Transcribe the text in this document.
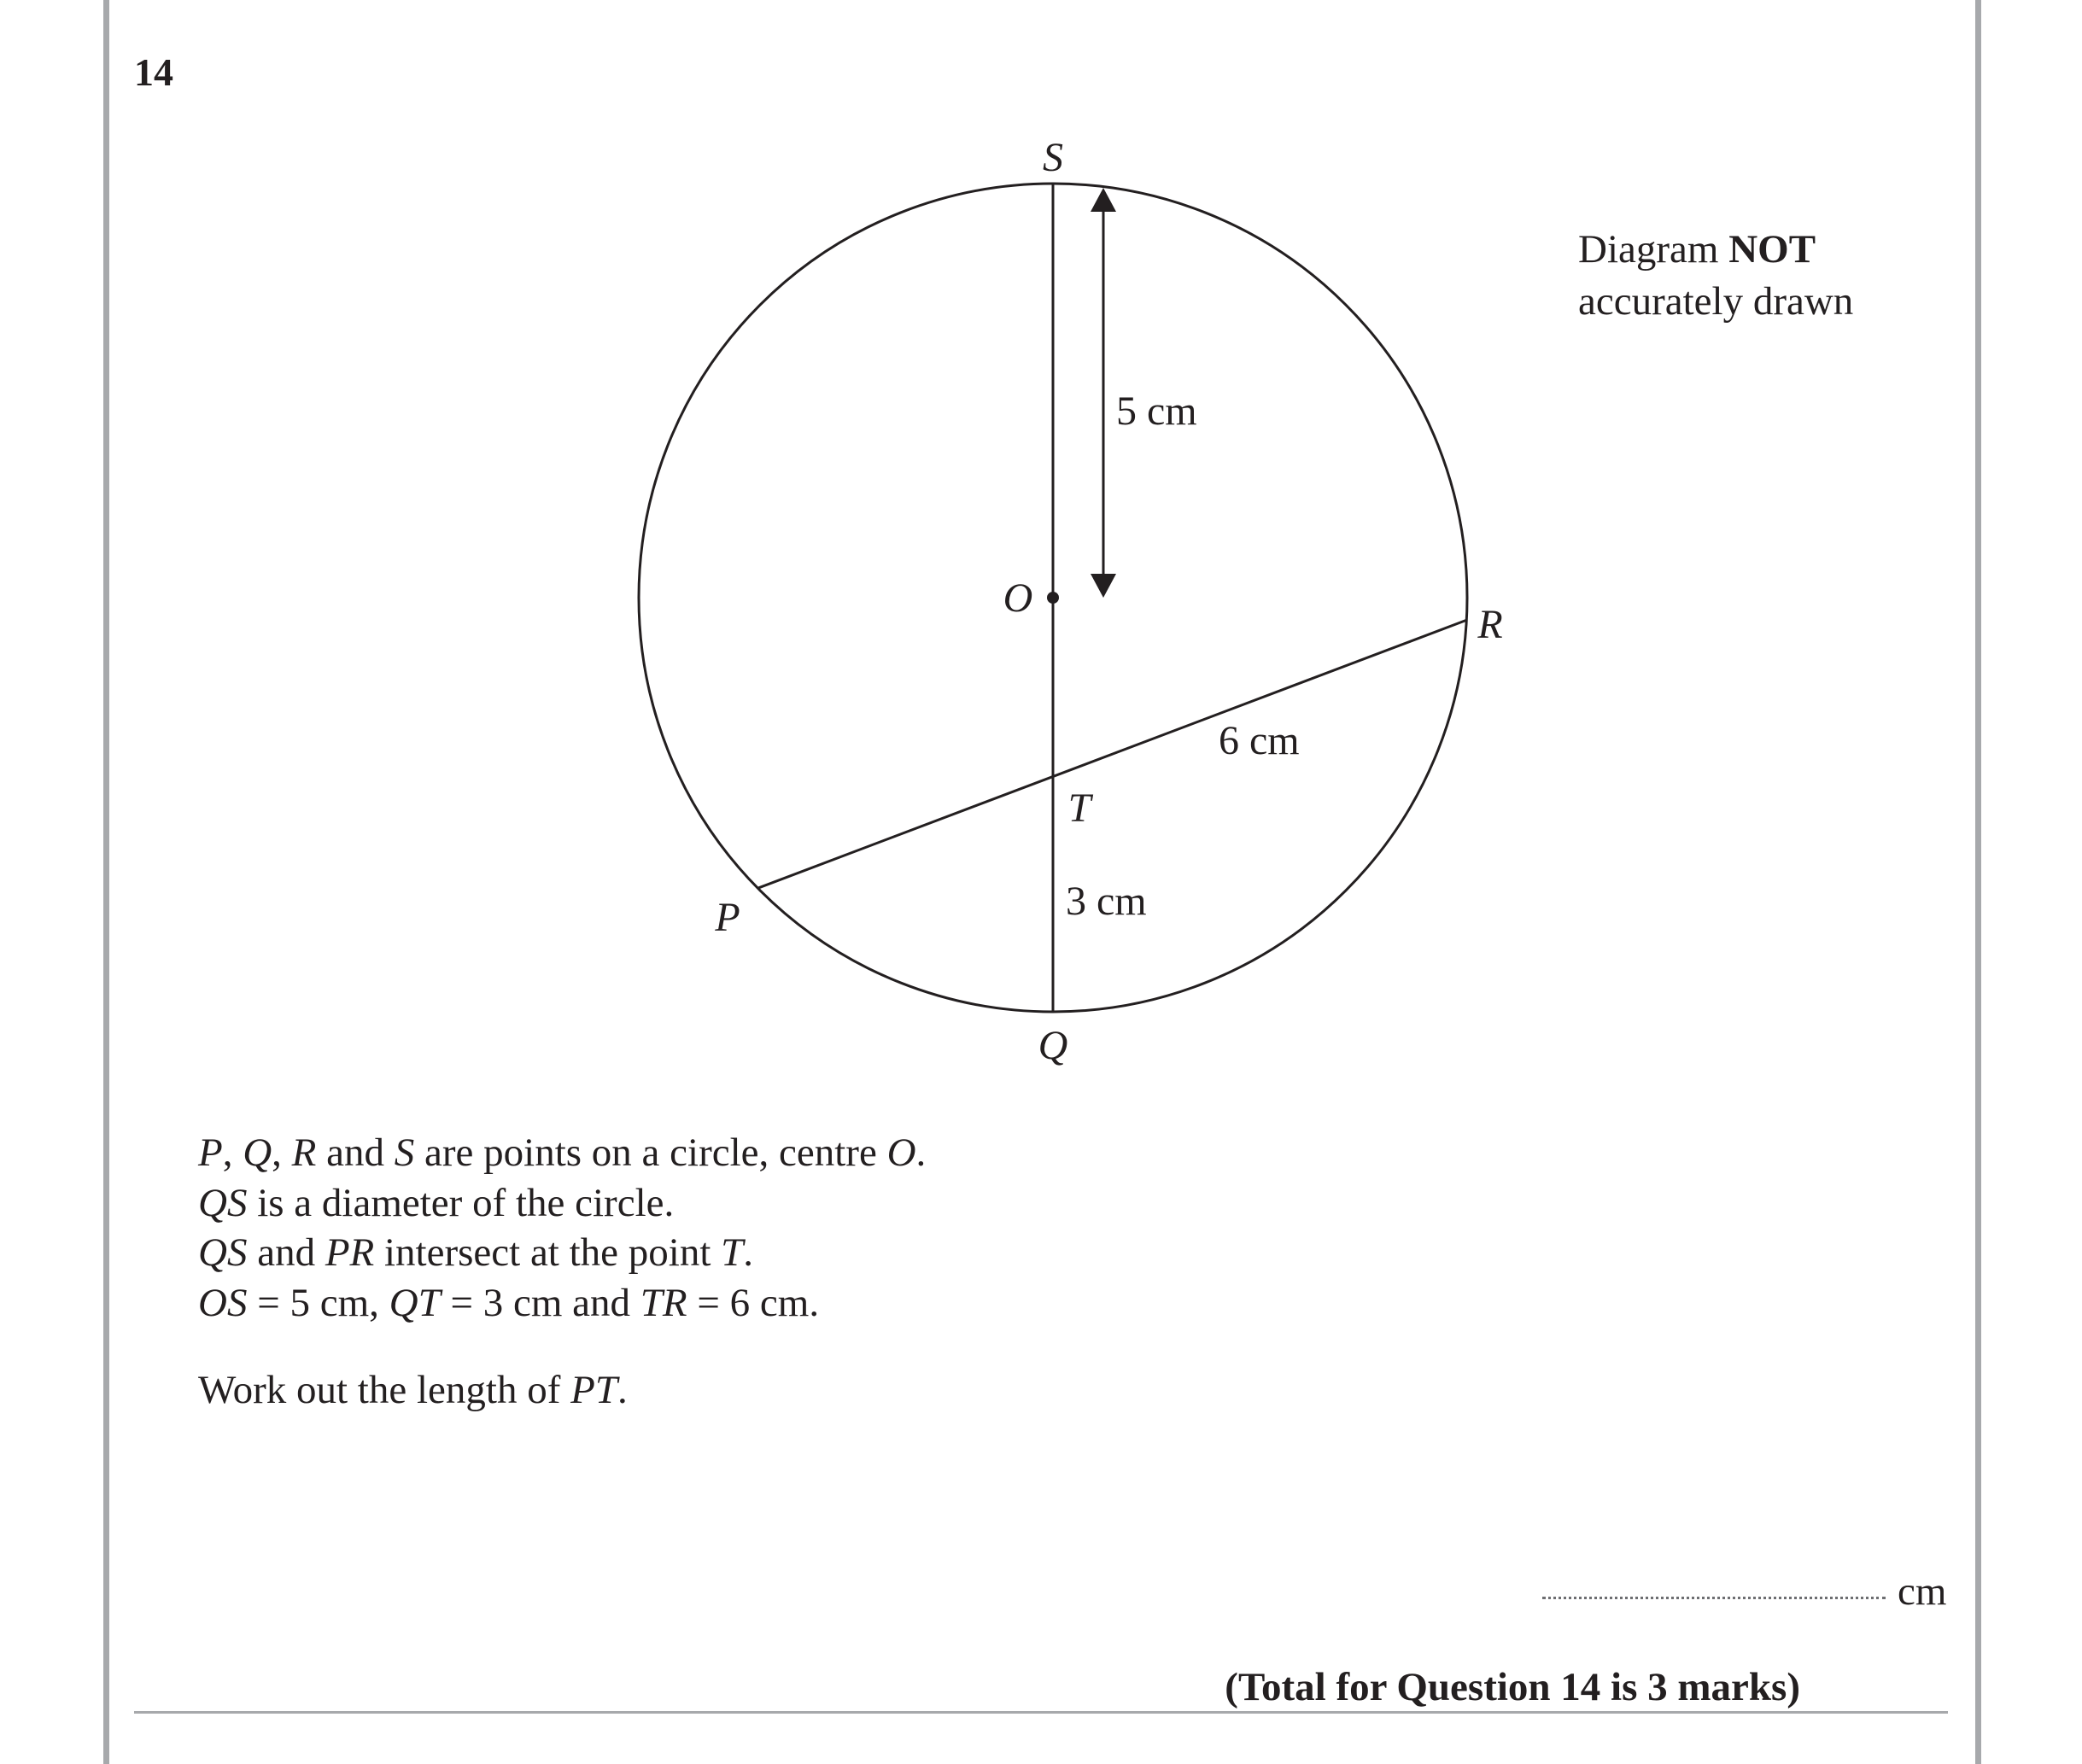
14
Diagram NOT
accurately drawn
S
O
R
T
P
Q
5 cm
6 cm
3 cm

P, Q, R and S are points on a circle, centre O.

QS is a diameter of the circle.

QS and PR intersect at the point T.

OS = 5 cm, QT = 3 cm and TR = 6 cm.

Work out the length of PT.

cm
(Total for Question 14 is 3 marks)
